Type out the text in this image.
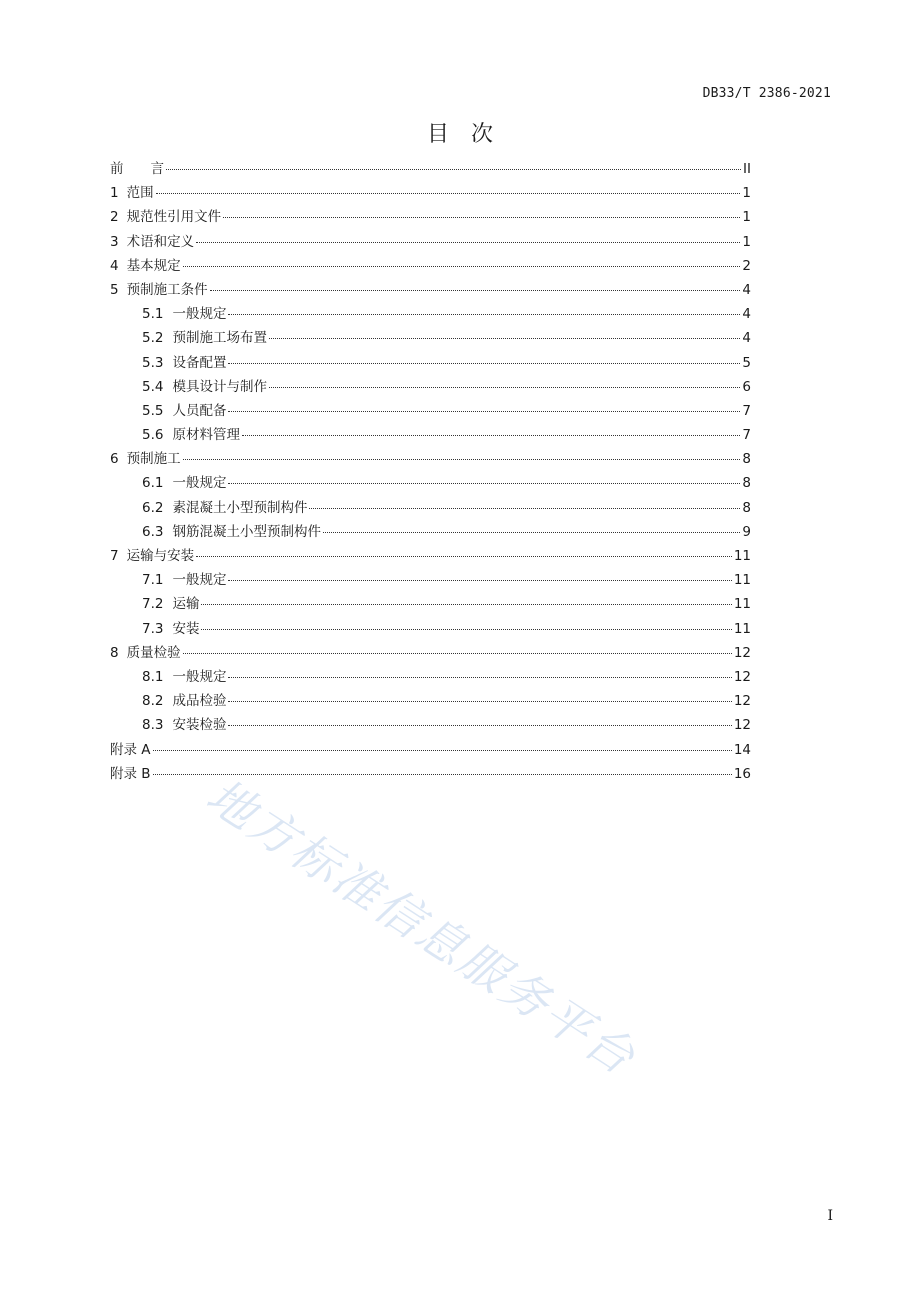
DB33/T 2386-2021
目次
前　　言	II
1 范围	1
2 规范性引用文件	1
3 术语和定义	1
4 基本规定	2
5 预制施工条件	4
5.1 一般规定	4
5.2 预制施工场布置	4
5.3 设备配置	5
5.4 模具设计与制作	6
5.5 人员配备	7
5.6 原材料管理	7
6 预制施工	8
6.1 一般规定	8
6.2 素混凝土小型预制构件	8
6.3 钢筋混凝土小型预制构件	9
7 运输与安装	11
7.1 一般规定	11
7.2 运输	11
7.3 安装	11
8 质量检验	12
8.1 一般规定	12
8.2 成品检验	12
8.3 安装检验	12
附录 A	14
附录 B	16
地方标准信息服务平台
I
